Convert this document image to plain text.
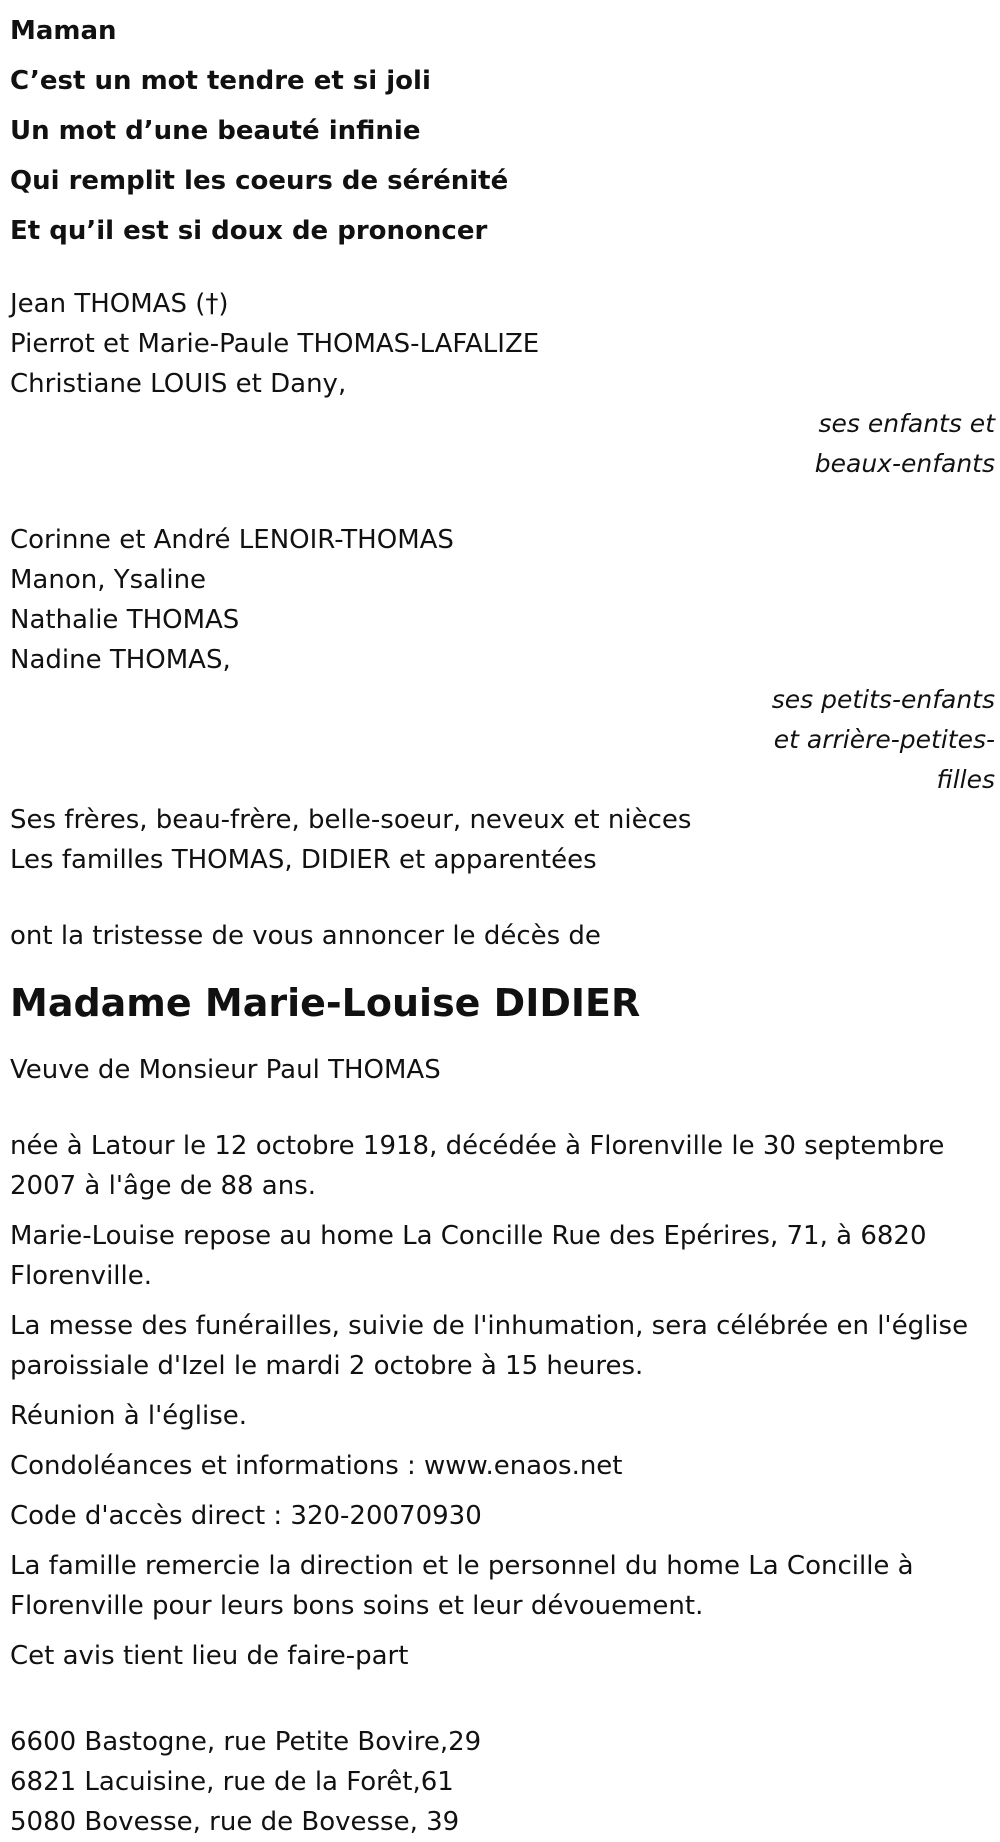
Maman
C’est un mot tendre et si joli
Un mot d’une beauté infinie
Qui remplit les coeurs de sérénité
Et qu’il est si doux de prononcer
Jean THOMAS (†)
Pierrot et Marie-Paule THOMAS-LAFALIZE
Christiane LOUIS et Dany,
ses enfants et
beaux-enfants
Corinne et André LENOIR-THOMAS
Manon, Ysaline
Nathalie THOMAS
Nadine THOMAS,
ses petits-enfants
et arrière-petites-
filles
Ses frères, beau-frère, belle-soeur, neveux et nièces
Les familles THOMAS, DIDIER et apparentées
ont la tristesse de vous annoncer le décès de
Madame Marie-Louise DIDIER
Veuve de Monsieur Paul THOMAS
née à Latour le 12 octobre 1918, décédée à Florenville le 30 septembre 2007 à l'âge de 88 ans.
Marie-Louise repose au home La Concille Rue des Epérires, 71, à 6820 Florenville.
La messe des funérailles, suivie de l'inhumation, sera célébrée en l'église paroissiale d'Izel le mardi 2 octobre à 15 heures.
Réunion à l'église.
Condoléances et informations : www.enaos.net
Code d'accès direct : 320-20070930
La famille remercie la direction et le personnel du home La Concille à Florenville pour leurs bons soins et leur dévouement.
Cet avis tient lieu de faire-part
6600 Bastogne, rue Petite Bovire,29
6821 Lacuisine, rue de la Forêt,61
5080 Bovesse, rue de Bovesse, 39
